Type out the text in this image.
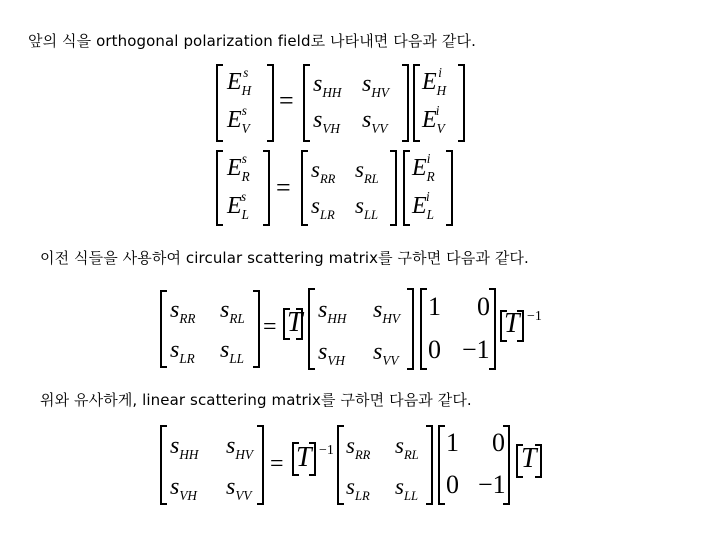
앞의 식을 orthogonal polarization field로 나타내면 다음과 같다.
이전 식들을 사용하여 circular scattering matrix를 구하면 다음과 같다.
위와 유사하게, linear scattering matrix를 구하면 다음과 같다.
$E_H^s$
$E_V^s$	=
$s_{HH}$ $s_{HV}$
$s_{VH}$ $s_{VV}$
$E_H^i$
$E_V^i$
$E_R^s$
$E_L^s$	=
$s_{RR}$ $s_{RL}$
$s_{LR}$ $s_{LL}$
$E_R^i$
$E_L^i$
$s_{RR}$ $s_{RL}$
$s_{LR}$ $s_{LL}$
= T $s_{HH}$ $s_{HV}$
$s_{VH}$ $s_{VV}$
1 0
0 −1
T −1
$s_{HH}$ $s_{HV}$
$s_{VH}$ $s_{VV}$
= T −1 $s_{RR}$ $s_{RL}$
$s_{LR}$ $s_{LL}$
1 0
0 −1
T
